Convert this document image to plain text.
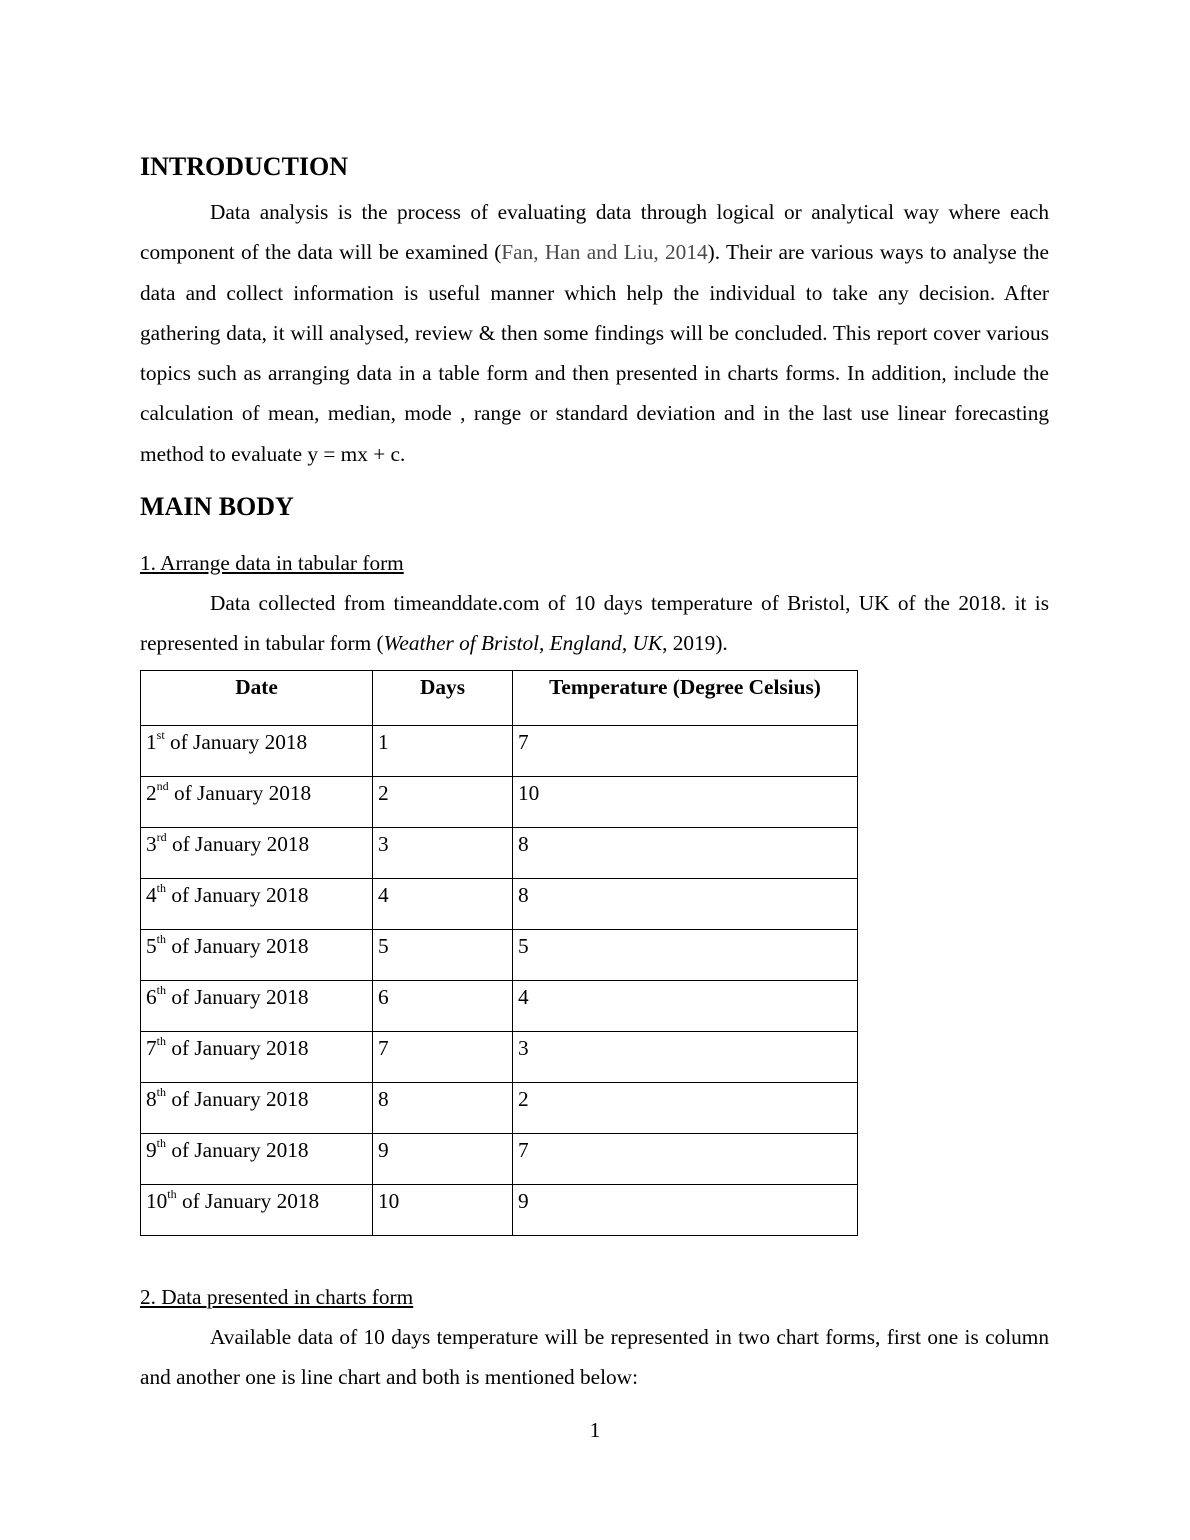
INTRODUCTION

Data analysis is the process of evaluating data through logical or analytical way where each component of the data will be examined (Fan, Han and Liu, 2014). Their are various ways to analyse the data and collect information is useful manner which help the individual to take any decision. After gathering data, it will analysed, review & then some findings will be concluded. This report cover various topics such as arranging data in a table form and then presented in charts forms. In addition, include the calculation of mean, median, mode , range or standard deviation and in the last use linear forecasting method to evaluate y = mx + c.

MAIN BODY

1. Arrange data in tabular form

Data collected from timeanddate.com of 10 days temperature of Bristol, UK of the 2018. it is represented in tabular form (Weather of Bristol, England, UK, 2019).

Date	Days	Temperature (Degree Celsius)
1st of January 2018	1	7
2nd of January 2018	2	10
3rd of January 2018	3	8
4th of January 2018	4	8
5th of January 2018	5	5
6th of January 2018	6	4
7th of January 2018	7	3
8th of January 2018	8	2
9th of January 2018	9	7
10th of January 2018	10	9

2. Data presented in charts form

Available data of 10 days temperature will be represented in two chart forms, first one is column and another one is line chart and both is mentioned below:

1
